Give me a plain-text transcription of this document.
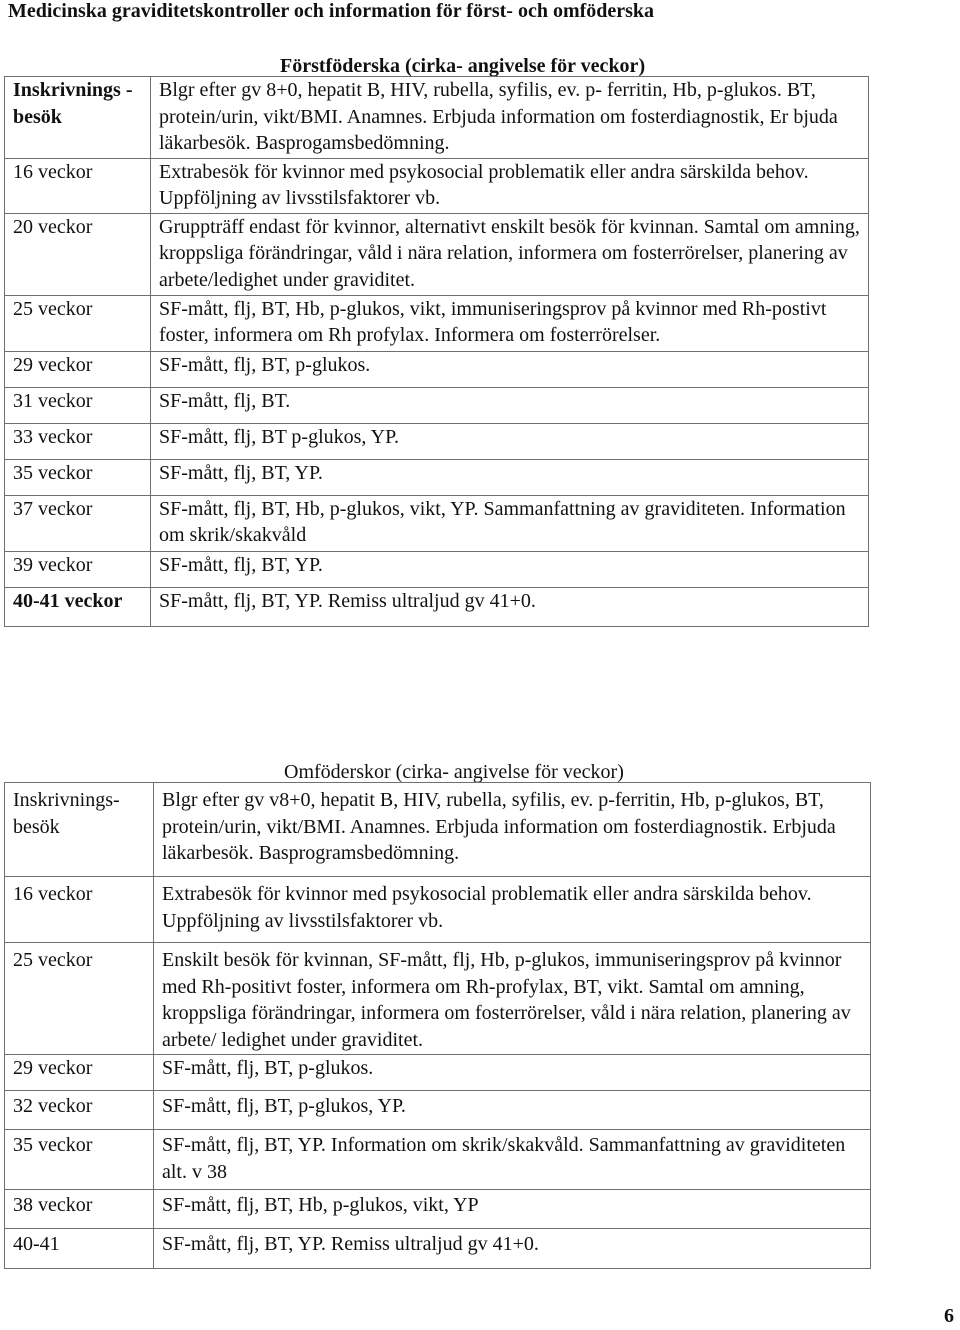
Medicinska graviditetskontroller och information för först- och omföderska
Förstföderska (cirka- angivelse för veckor)
Inskrivnings -besök	Blgr efter gv 8+0, hepatit B, HIV, rubella, syfilis, ev. p- ferritin, Hb, p-glukos. BT, protein/urin, vikt/BMI. Anamnes. Erbjuda information om fosterdiagnostik, Er bjuda läkarbesök. Basprogamsbedömning.
16 veckor	Extrabesök för kvinnor med psykosocial problematik eller andra särskilda behov. Uppföljning av livsstilsfaktorer vb.
20 veckor	Gruppträff endast för kvinnor, alternativt enskilt besök för kvinnan. Samtal om amning, kroppsliga förändringar, våld i nära relation, informera om fosterrörelser, planering av arbete/ledighet under graviditet.
25 veckor	SF-mått, flj, BT, Hb, p-glukos, vikt, immuniseringsprov på kvinnor med Rh-postivt foster, informera om Rh profylax. Informera om fosterrörelser.
29 veckor	SF-mått, flj, BT, p-glukos.
31 veckor	SF-mått, flj, BT.
33 veckor	SF-mått, flj, BT p-glukos, YP.
35 veckor	SF-mått, flj, BT, YP.
37 veckor	SF-mått, flj, BT, Hb, p-glukos, vikt, YP. Sammanfattning av graviditeten. Information om skrik/skakvåld
39 veckor	SF-mått, flj, BT, YP.
40-41 veckor	SF-mått, flj, BT, YP. Remiss ultraljud gv 41+0.
Omföderskor (cirka- angivelse för veckor)
Inskrivnings-besök	Blgr efter gv v8+0, hepatit B, HIV, rubella, syfilis, ev. p-ferritin, Hb, p-glukos, BT, protein/urin, vikt/BMI. Anamnes. Erbjuda information om fosterdiagnostik. Erbjuda läkarbesök. Basprogramsbedömning.
16 veckor	Extrabesök för kvinnor med psykosocial problematik eller andra särskilda behov. Uppföljning av livsstilsfaktorer vb.
25 veckor	Enskilt besök för kvinnan, SF-mått, flj, Hb, p-glukos, immuniseringsprov på kvinnor med Rh-positivt foster, informera om Rh-profylax, BT, vikt. Samtal om amning, kroppsliga förändringar, informera om fosterrörelser, våld i nära relation, planering av arbete/ ledighet under graviditet.
29 veckor	SF-mått, flj, BT, p-glukos.
32 veckor	SF-mått, flj, BT, p-glukos, YP.
35 veckor	SF-mått, flj, BT, YP. Information om skrik/skakvåld. Sammanfattning av graviditeten alt. v 38
38 veckor	SF-mått, flj, BT, Hb, p-glukos, vikt, YP
40-41	SF-mått, flj, BT, YP. Remiss ultraljud gv 41+0.
6
